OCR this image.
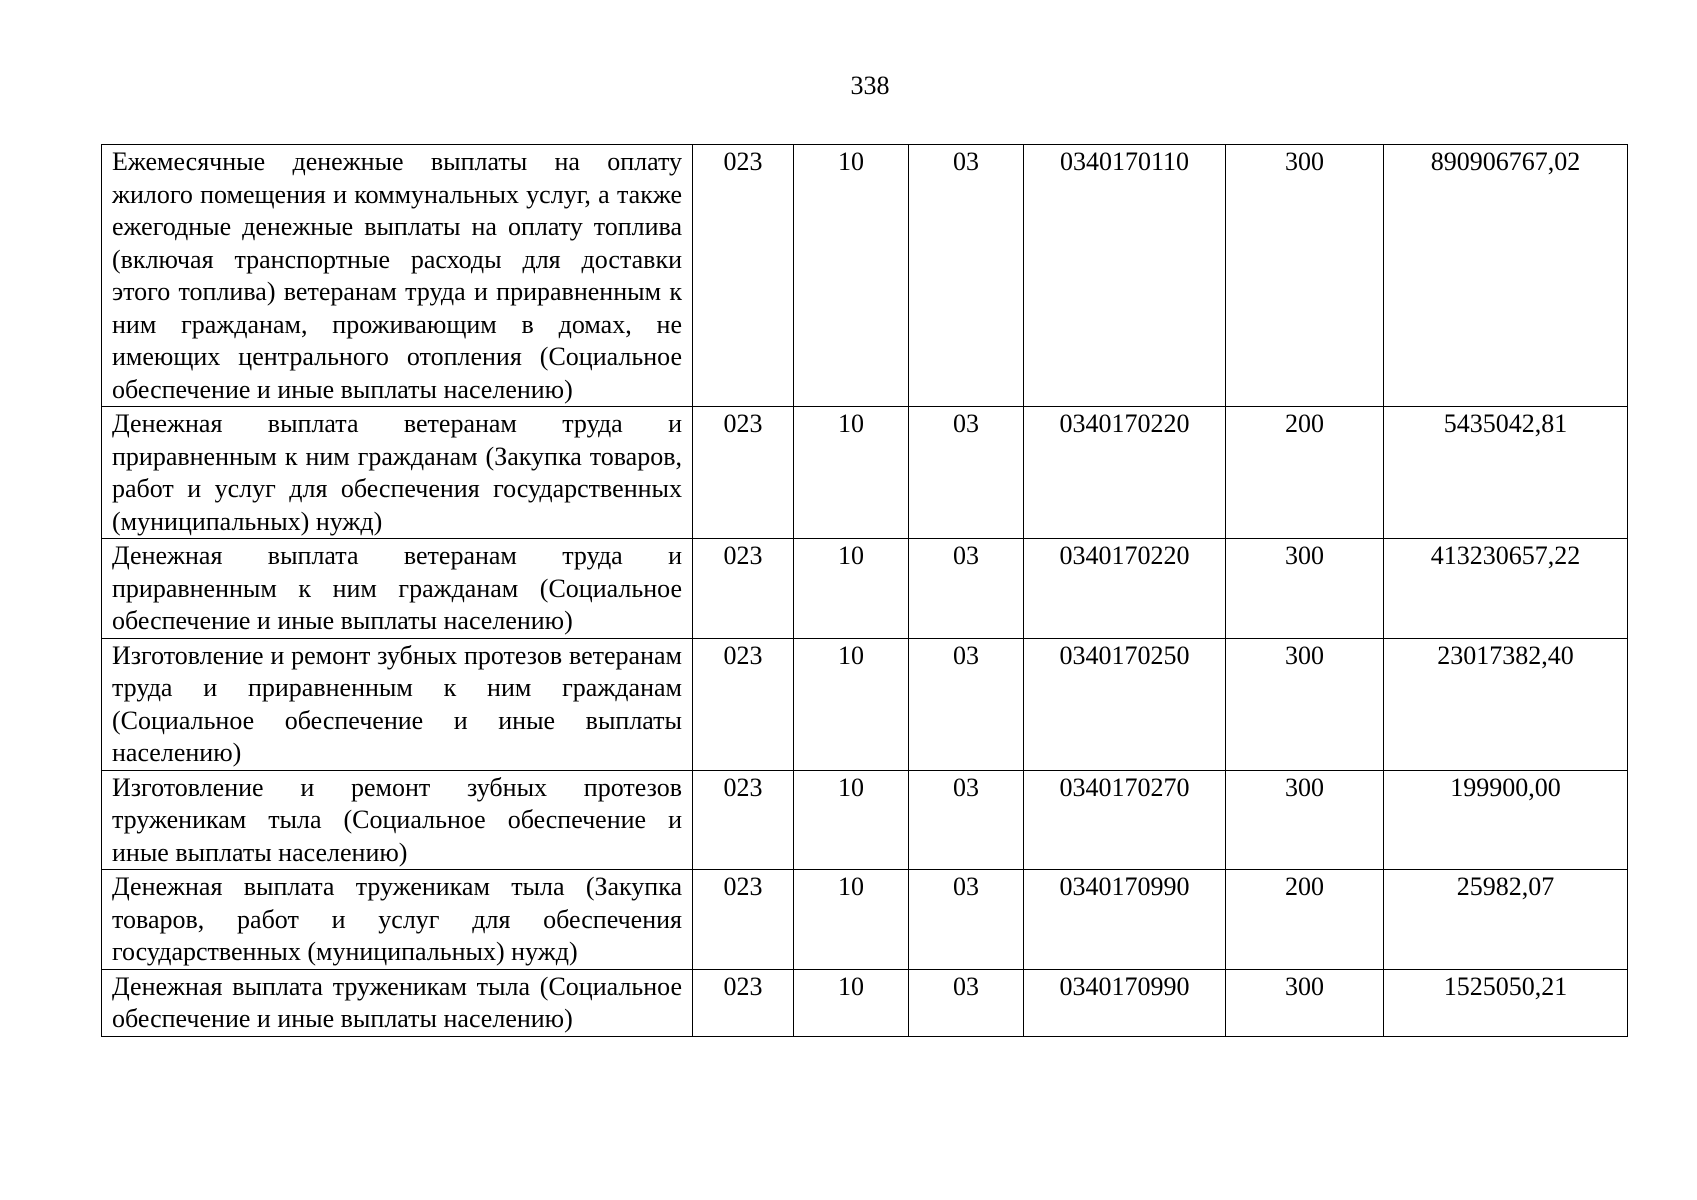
338
Ежемесячные денежные выплаты на оплату жилого помещения и коммунальных услуг, а также ежегодные денежные выплаты на оплату топлива (включая транспортные расходы для доставки этого топлива) ветеранам труда и приравненным к ним гражданам, проживающим в домах, не имеющих центрального отопления (Социальное обеспечение и иные выплаты населению)	023	10	03	0340170110	300	890906767,02
Денежная выплата ветеранам труда и приравненным к ним гражданам (Закупка товаров, работ и услуг для обеспечения государственных (муниципальных) нужд)	023	10	03	0340170220	200	5435042,81
Денежная выплата ветеранам труда и приравненным к ним гражданам (Социальное обеспечение и иные выплаты населению)	023	10	03	0340170220	300	413230657,22
Изготовление и ремонт зубных протезов ветеранам труда и приравненным к ним гражданам (Социальное обеспечение и иные выплаты населению)	023	10	03	0340170250	300	23017382,40
Изготовление и ремонт зубных протезов труженикам тыла (Социальное обеспечение и иные выплаты населению)	023	10	03	0340170270	300	199900,00
Денежная выплата труженикам тыла (Закупка товаров, работ и услуг для обеспечения государственных (муниципальных) нужд)	023	10	03	0340170990	200	25982,07
Денежная выплата труженикам тыла (Социальное обеспечение и иные выплаты населению)	023	10	03	0340170990	300	1525050,21
